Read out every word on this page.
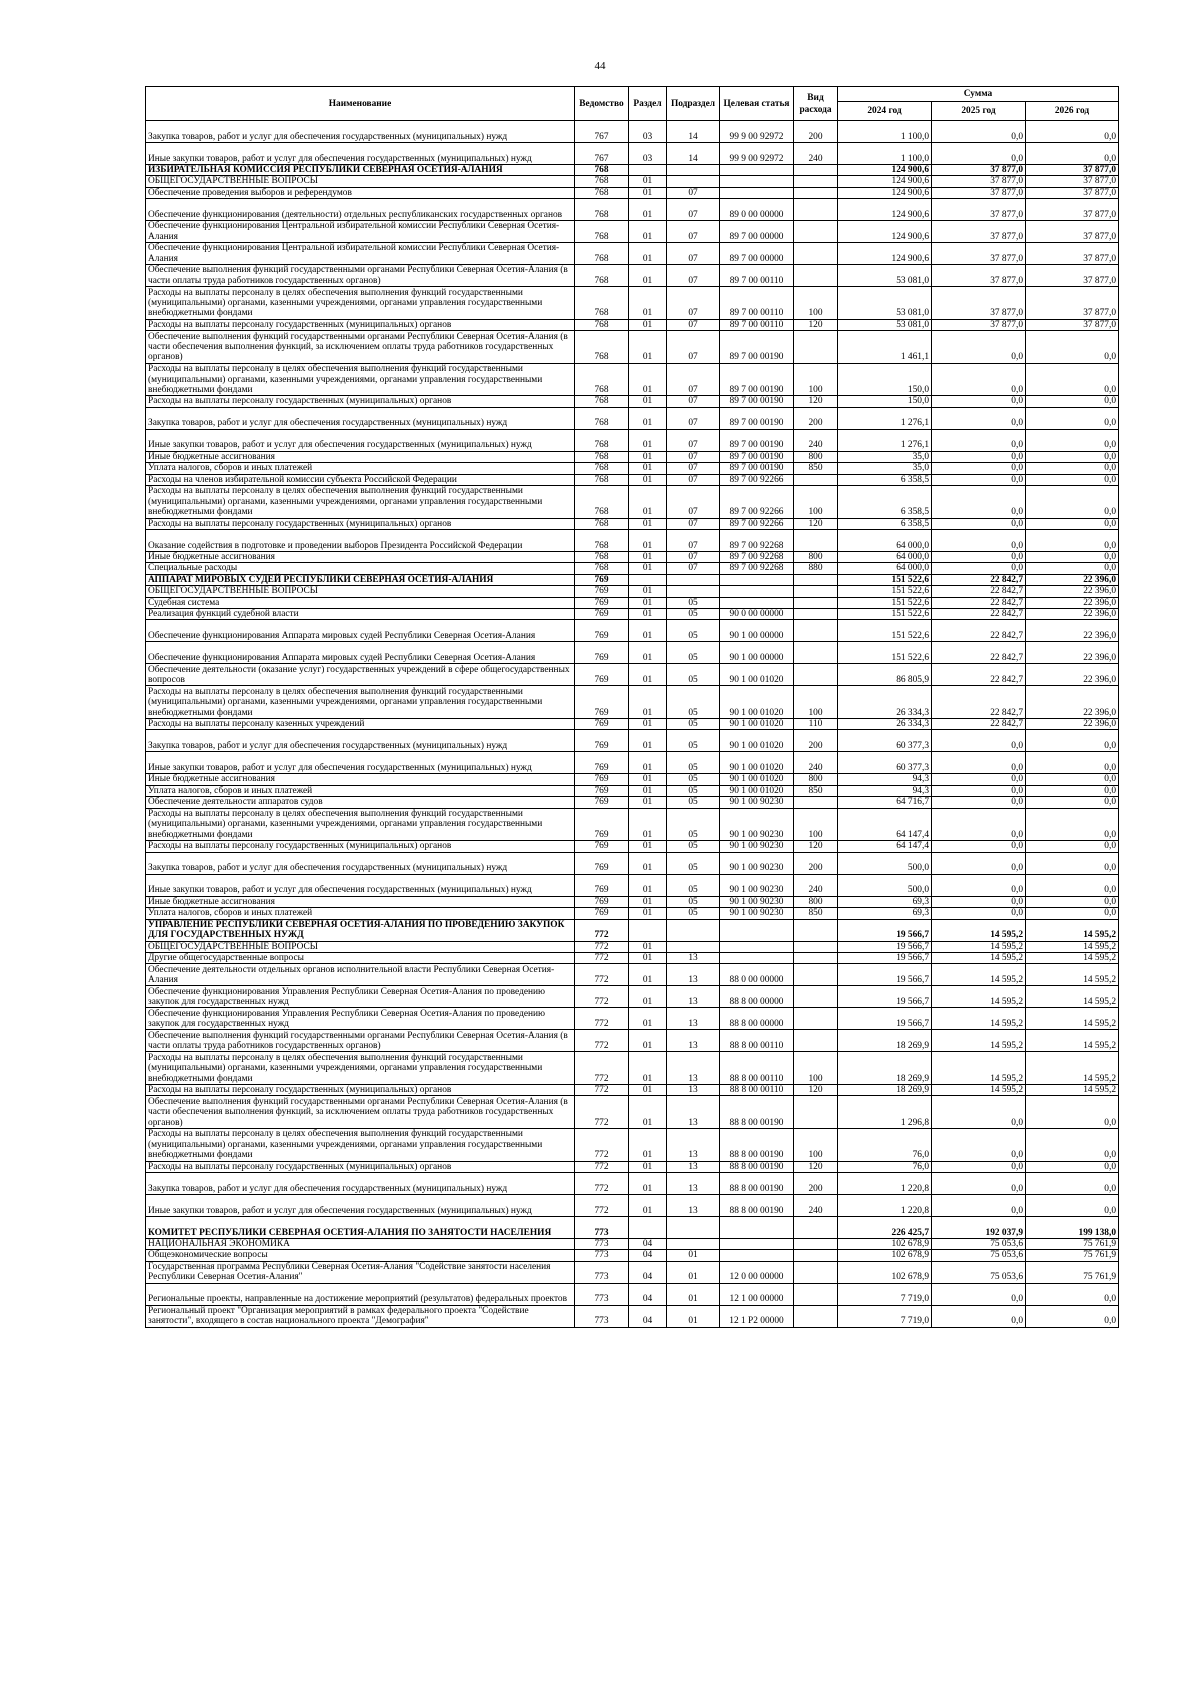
44
Наименование	Ведомство	Раздел	Подраздел	Целевая статья	Вид расхода	Сумма		
						2024 год	2025 год	2026 год
Закупка товаров, работ и услуг для обеспечения государственных (муниципальных) нужд	767	03	14	99 9 00 92972	200	1 100,0	0,0	0,0
Иные закупки товаров, работ и услуг для обеспечения государственных (муниципальных) нужд	767	03	14	99 9 00 92972	240	1 100,0	0,0	0,0
ИЗБИРАТЕЛЬНАЯ КОМИССИЯ РЕСПУБЛИКИ СЕВЕРНАЯ ОСЕТИЯ-АЛАНИЯ	768					124 900,6	37 877,0	37 877,0
ОБЩЕГОСУДАРСТВЕННЫЕ ВОПРОСЫ	768	01				124 900,6	37 877,0	37 877,0
Обеспечение проведения выборов и референдумов	768	01	07			124 900,6	37 877,0	37 877,0
Обеспечение функционирования (деятельности) отдельных республиканских государственных органов	768	01	07	89 0 00 00000		124 900,6	37 877,0	37 877,0
Обеспечение функционирования Центральной избирательной комиссии Республики Северная Осетия-Алания	768	01	07	89 7 00 00000		124 900,6	37 877,0	37 877,0
Обеспечение функционирования Центральной избирательной комиссии Республики Северная Осетия-Алания	768	01	07	89 7 00 00000		124 900,6	37 877,0	37 877,0
Обеспечение выполнения функций государственными органами Республики Северная Осетия-Алания (в части оплаты труда работников государственных органов)	768	01	07	89 7 00 00110		53 081,0	37 877,0	37 877,0
Расходы на выплаты персоналу в целях обеспечения выполнения функций государственными (муниципальными) органами, казенными учреждениями, органами управления государственными внебюджетными фондами	768	01	07	89 7 00 00110	100	53 081,0	37 877,0	37 877,0
Расходы на выплаты персоналу государственных (муниципальных) органов	768	01	07	89 7 00 00110	120	53 081,0	37 877,0	37 877,0
Обеспечение выполнения функций государственными органами Республики Северная Осетия-Алания (в части обеспечения выполнения функций, за исключением оплаты труда работников государственных органов)	768	01	07	89 7 00 00190		1 461,1	0,0	0,0
Расходы на выплаты персоналу в целях обеспечения выполнения функций государственными (муниципальными) органами, казенными учреждениями, органами управления государственными внебюджетными фондами	768	01	07	89 7 00 00190	100	150,0	0,0	0,0
Расходы на выплаты персоналу государственных (муниципальных) органов	768	01	07	89 7 00 00190	120	150,0	0,0	0,0
Закупка товаров, работ и услуг для обеспечения государственных (муниципальных) нужд	768	01	07	89 7 00 00190	200	1 276,1	0,0	0,0
Иные закупки товаров, работ и услуг для обеспечения государственных (муниципальных) нужд	768	01	07	89 7 00 00190	240	1 276,1	0,0	0,0
Иные бюджетные ассигнования	768	01	07	89 7 00 00190	800	35,0	0,0	0,0
Уплата налогов, сборов и иных платежей	768	01	07	89 7 00 00190	850	35,0	0,0	0,0
Расходы на членов избирательной комиссии субъекта Российской Федерации	768	01	07	89 7 00 92266		6 358,5	0,0	0,0
Расходы на выплаты персоналу в целях обеспечения выполнения функций государственными (муниципальными) органами, казенными учреждениями, органами управления государственными внебюджетными фондами	768	01	07	89 7 00 92266	100	6 358,5	0,0	0,0
Расходы на выплаты персоналу государственных (муниципальных) органов	768	01	07	89 7 00 92266	120	6 358,5	0,0	0,0
Оказание содействия в подготовке и проведении выборов Президента Российской Федерации	768	01	07	89 7 00 92268		64 000,0	0,0	0,0
Иные бюджетные ассигнования	768	01	07	89 7 00 92268	800	64 000,0	0,0	0,0
Специальные расходы	768	01	07	89 7 00 92268	880	64 000,0	0,0	0,0
АППАРАТ МИРОВЫХ СУДЕЙ РЕСПУБЛИКИ СЕВЕРНАЯ ОСЕТИЯ-АЛАНИЯ	769					151 522,6	22 842,7	22 396,0
ОБЩЕГОСУДАРСТВЕННЫЕ ВОПРОСЫ	769	01				151 522,6	22 842,7	22 396,0
Судебная система	769	01	05			151 522,6	22 842,7	22 396,0
Реализация функций судебной власти	769	01	05	90 0 00 00000		151 522,6	22 842,7	22 396,0
Обеспечение функционирования Аппарата мировых судей Республики Северная Осетия-Алания	769	01	05	90 1 00 00000		151 522,6	22 842,7	22 396,0
Обеспечение функционирования Аппарата мировых судей Республики Северная Осетия-Алания	769	01	05	90 1 00 00000		151 522,6	22 842,7	22 396,0
Обеспечение деятельности (оказание услуг) государственных учреждений в сфере общегосударственных вопросов	769	01	05	90 1 00 01020		86 805,9	22 842,7	22 396,0
Расходы на выплаты персоналу в целях обеспечения выполнения функций государственными (муниципальными) органами, казенными учреждениями, органами управления государственными внебюджетными фондами	769	01	05	90 1 00 01020	100	26 334,3	22 842,7	22 396,0
Расходы на выплаты персоналу казенных учреждений	769	01	05	90 1 00 01020	110	26 334,3	22 842,7	22 396,0
Закупка товаров, работ и услуг для обеспечения государственных (муниципальных) нужд	769	01	05	90 1 00 01020	200	60 377,3	0,0	0,0
Иные закупки товаров, работ и услуг для обеспечения государственных (муниципальных) нужд	769	01	05	90 1 00 01020	240	60 377,3	0,0	0,0
Иные бюджетные ассигнования	769	01	05	90 1 00 01020	800	94,3	0,0	0,0
Уплата налогов, сборов и иных платежей	769	01	05	90 1 00 01020	850	94,3	0,0	0,0
Обеспечение деятельности аппаратов судов	769	01	05	90 1 00 90230		64 716,7	0,0	0,0
Расходы на выплаты персоналу в целях обеспечения выполнения функций государственными (муниципальными) органами, казенными учреждениями, органами управления государственными внебюджетными фондами	769	01	05	90 1 00 90230	100	64 147,4	0,0	0,0
Расходы на выплаты персоналу государственных (муниципальных) органов	769	01	05	90 1 00 90230	120	64 147,4	0,0	0,0
Закупка товаров, работ и услуг для обеспечения государственных (муниципальных) нужд	769	01	05	90 1 00 90230	200	500,0	0,0	0,0
Иные закупки товаров, работ и услуг для обеспечения государственных (муниципальных) нужд	769	01	05	90 1 00 90230	240	500,0	0,0	0,0
Иные бюджетные ассигнования	769	01	05	90 1 00 90230	800	69,3	0,0	0,0
Уплата налогов, сборов и иных платежей	769	01	05	90 1 00 90230	850	69,3	0,0	0,0
УПРАВЛЕНИЕ РЕСПУБЛИКИ СЕВЕРНАЯ ОСЕТИЯ-АЛАНИЯ ПО ПРОВЕДЕНИЮ ЗАКУПОК ДЛЯ ГОСУДАРСТВЕННЫХ НУЖД	772					19 566,7	14 595,2	14 595,2
ОБЩЕГОСУДАРСТВЕННЫЕ ВОПРОСЫ	772	01				19 566,7	14 595,2	14 595,2
Другие общегосударственные вопросы	772	01	13			19 566,7	14 595,2	14 595,2
Обеспечение деятельности отдельных органов исполнительной власти Республики Северная Осетия-Алания	772	01	13	88 0 00 00000		19 566,7	14 595,2	14 595,2
Обеспечение функционирования Управления Республики Северная Осетия-Алания по проведению закупок для государственных нужд	772	01	13	88 8 00 00000		19 566,7	14 595,2	14 595,2
Обеспечение функционирования Управления Республики Северная Осетия-Алания по проведению закупок для государственных нужд	772	01	13	88 8 00 00000		19 566,7	14 595,2	14 595,2
Обеспечение выполнения функций государственными органами Республики Северная Осетия-Алания (в части оплаты труда работников государственных органов)	772	01	13	88 8 00 00110		18 269,9	14 595,2	14 595,2
Расходы на выплаты персоналу в целях обеспечения выполнения функций государственными (муниципальными) органами, казенными учреждениями, органами управления государственными внебюджетными фондами	772	01	13	88 8 00 00110	100	18 269,9	14 595,2	14 595,2
Расходы на выплаты персоналу государственных (муниципальных) органов	772	01	13	88 8 00 00110	120	18 269,9	14 595,2	14 595,2
Обеспечение выполнения функций государственными органами Республики Северная Осетия-Алания (в части обеспечения выполнения функций, за исключением оплаты труда работников государственных органов)	772	01	13	88 8 00 00190		1 296,8	0,0	0,0
Расходы на выплаты персоналу в целях обеспечения выполнения функций государственными (муниципальными) органами, казенными учреждениями, органами управления государственными внебюджетными фондами	772	01	13	88 8 00 00190	100	76,0	0,0	0,0
Расходы на выплаты персоналу государственных (муниципальных) органов	772	01	13	88 8 00 00190	120	76,0	0,0	0,0
Закупка товаров, работ и услуг для обеспечения государственных (муниципальных) нужд	772	01	13	88 8 00 00190	200	1 220,8	0,0	0,0
Иные закупки товаров, работ и услуг для обеспечения государственных (муниципальных) нужд	772	01	13	88 8 00 00190	240	1 220,8	0,0	0,0
КОМИТЕТ РЕСПУБЛИКИ СЕВЕРНАЯ ОСЕТИЯ-АЛАНИЯ ПО ЗАНЯТОСТИ НАСЕЛЕНИЯ	773					226 425,7	192 037,9	199 138,0
НАЦИОНАЛЬНАЯ ЭКОНОМИКА	773	04				102 678,9	75 053,6	75 761,9
Общеэкономические вопросы	773	04	01			102 678,9	75 053,6	75 761,9
Государственная программа Республики Северная Осетия-Алания "Содействие занятости населения Республики Северная Осетия-Алания"	773	04	01	12 0 00 00000		102 678,9	75 053,6	75 761,9
Региональные проекты, направленные на достижение мероприятий (результатов) федеральных проектов	773	04	01	12 1 00 00000		7 719,0	0,0	0,0
Региональный проект "Организация мероприятий в рамках федерального проекта "Содействие занятости", входящего в состав национального проекта "Демография"	773	04	01	12 1 P2 00000		7 719,0	0,0	0,0
